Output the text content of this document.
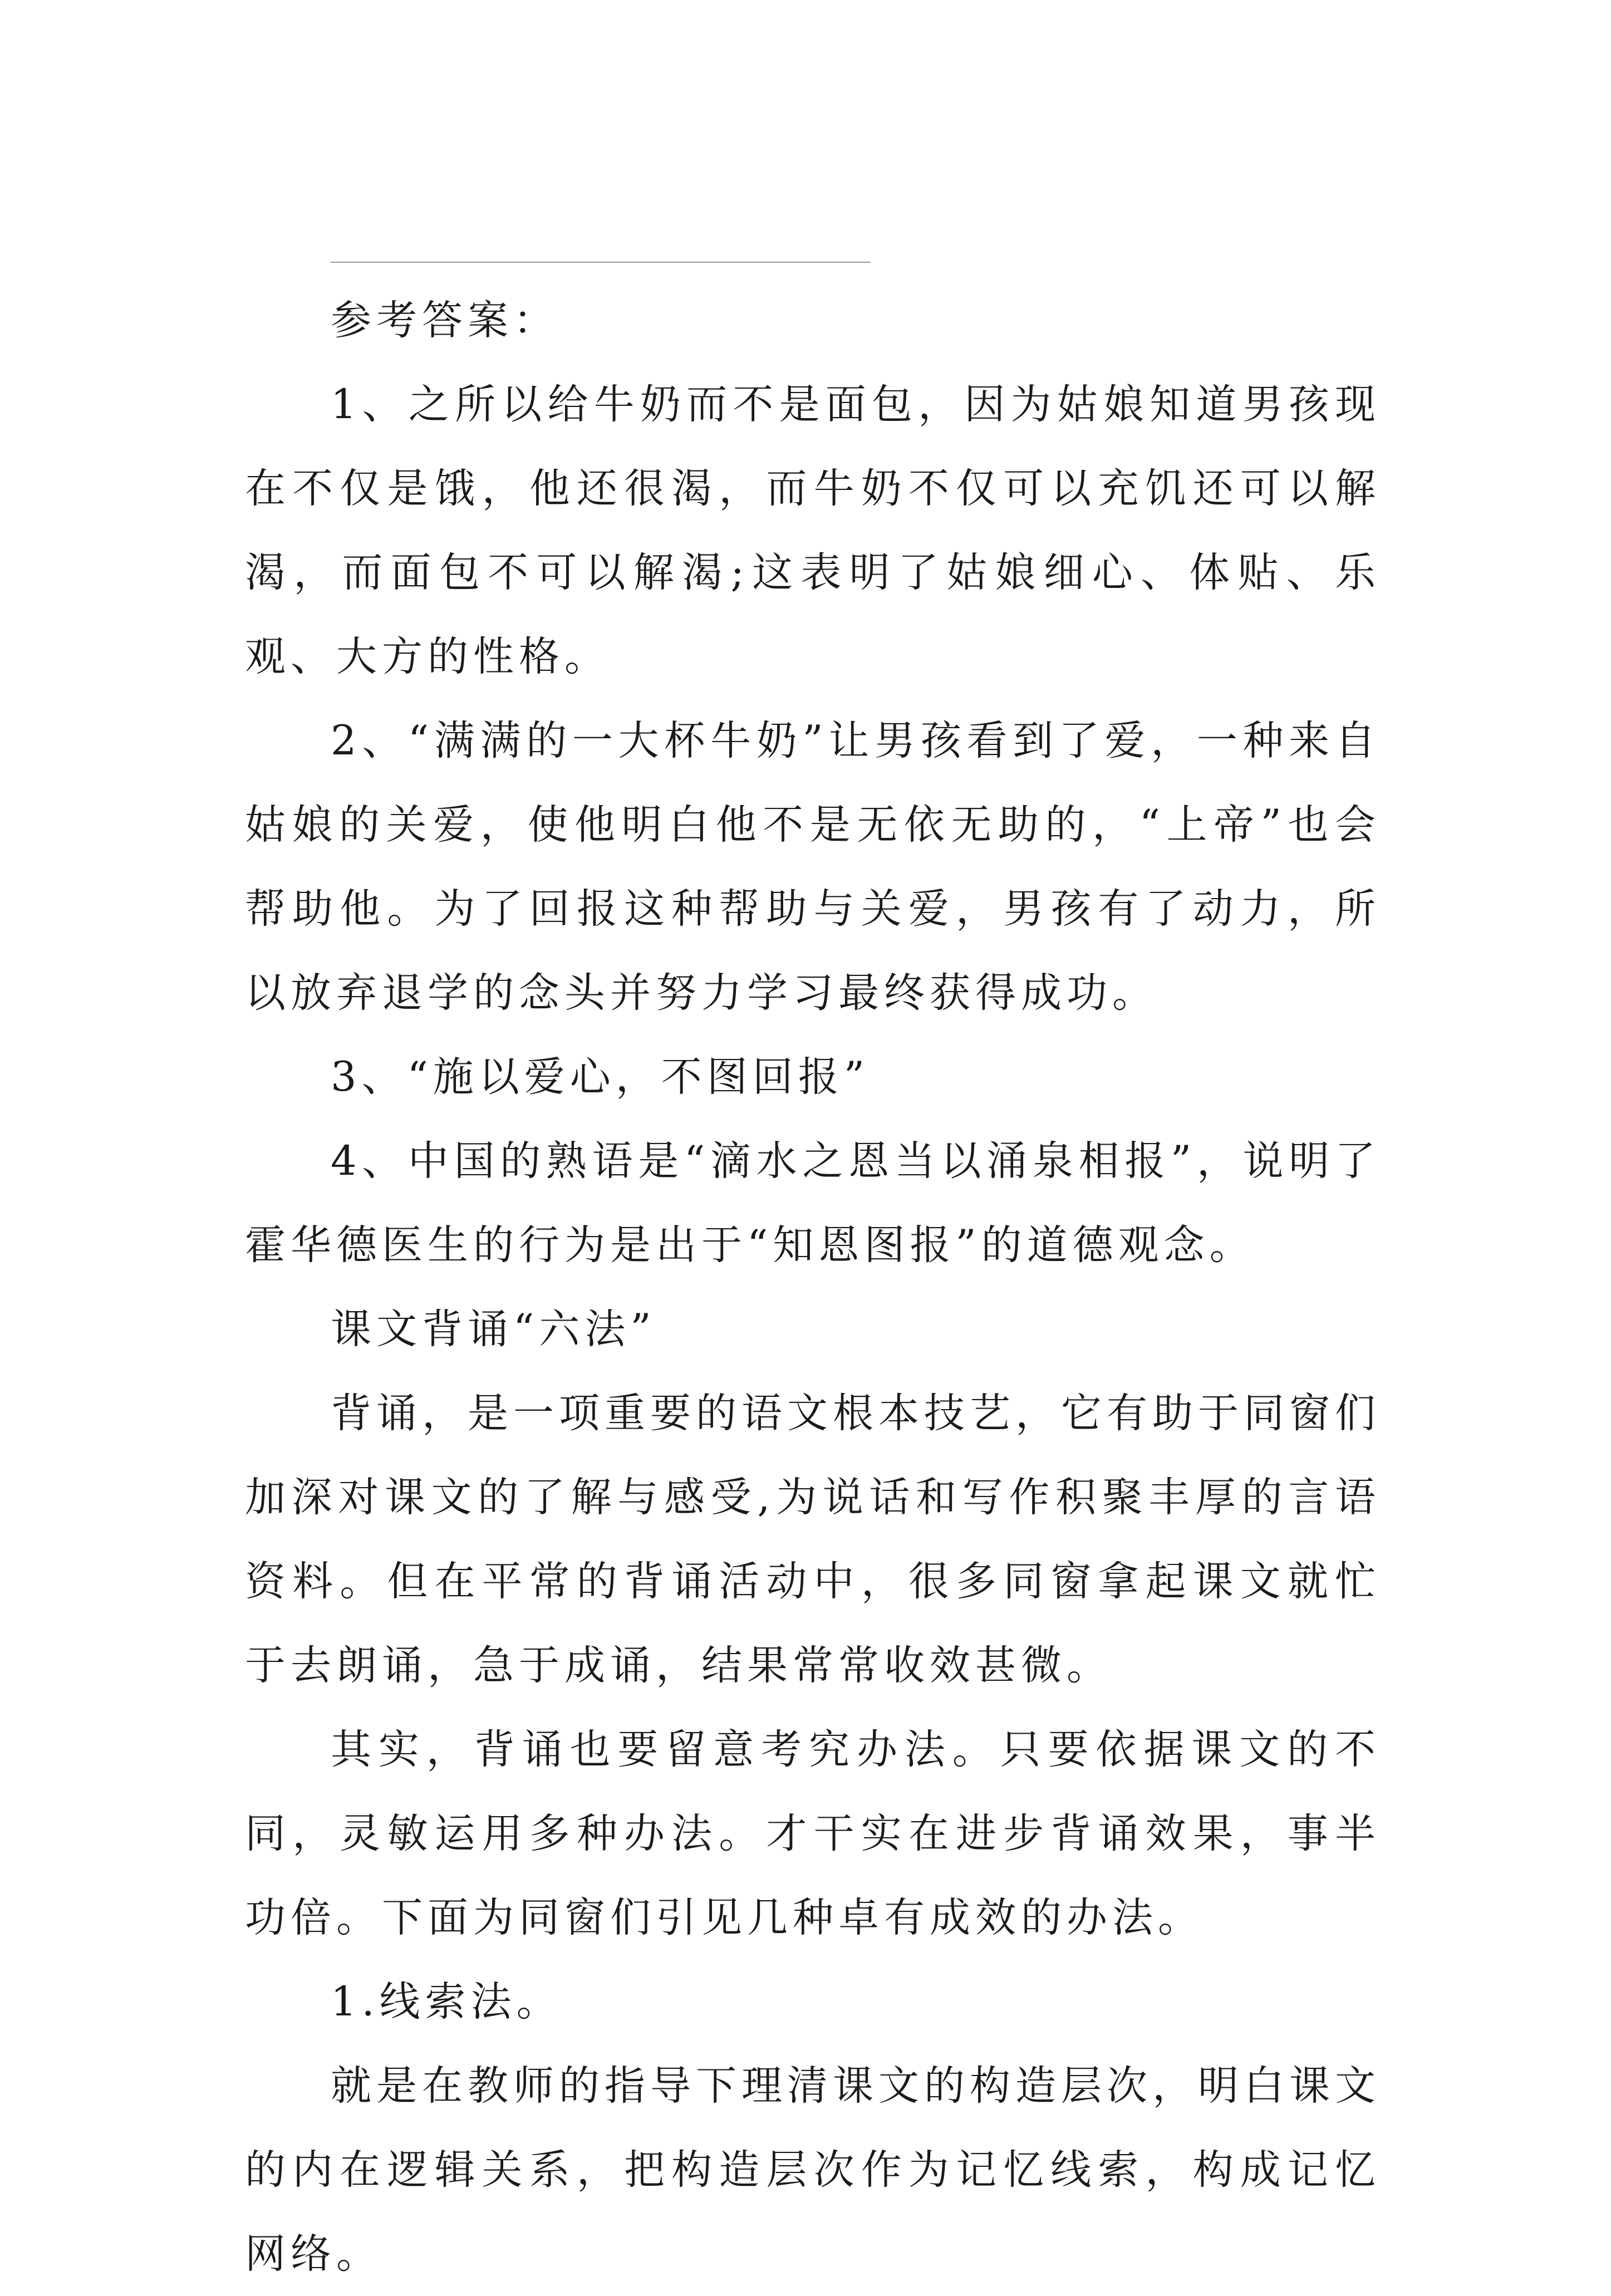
参考答案：

1、之所以给牛奶而不是面包，因为姑娘知道男孩现在不仅是饿，他还很渴，而牛奶不仅可以充饥还可以解渴，而面包不可以解渴;这表明了姑娘细心、体贴、乐观、大方的性格。

2、“满满的一大杯牛奶”让男孩看到了爱，一种来自姑娘的关爱，使他明白他不是无依无助的，“上帝”也会帮助他。为了回报这种帮助与关爱，男孩有了动力，所以放弃退学的念头并努力学习最终获得成功。

3、“施以爱心，不图回报”

4、中国的熟语是“滴水之恩当以涌泉相报”，说明了霍华德医生的行为是出于“知恩图报”的道德观念。

课文背诵“六法”

背诵，是一项重要的语文根本技艺，它有助于同窗们加深对课文的了解与感受,为说话和写作积聚丰厚的言语资料。但在平常的背诵活动中，很多同窗拿起课文就忙于去朗诵，急于成诵，结果常常收效甚微。

其实，背诵也要留意考究办法。只要依据课文的不同，灵敏运用多种办法。才干实在进步背诵效果，事半功倍。下面为同窗们引见几种卓有成效的办法。

1.线索法。

就是在教师的指导下理清课文的构造层次，明白课文的内在逻辑关系，把构造层次作为记忆线索，构成记忆网络。
